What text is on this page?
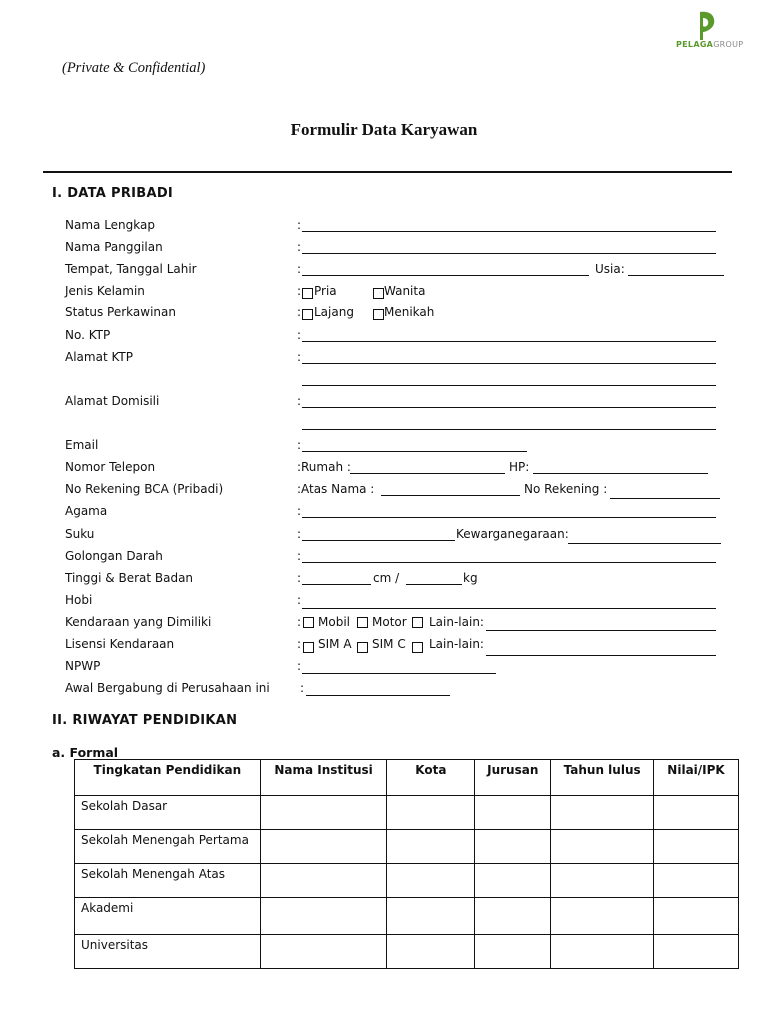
PELAGAGROUP
(Private & Confidential)
Formulir Data Karyawan
I. DATA PRIBADI
Nama Lengkap	:
Nama Panggilan	:
Tempat, Tanggal Lahir	:	Usia:
Jenis Kelamin	: Pria	Wanita
Status Perkawinan	: Lajang	Menikah
No. KTP	:
Alamat KTP	:
Alamat Domisili	:
Email	:
Nomor Telepon	: Rumah :	HP:
No Rekening BCA (Pribadi)	: Atas Nama :	No Rekening :
Agama	:
Suku	:	Kewarganegaraan:
Golongan Darah	:
Tinggi & Berat Badan	:	cm /	kg
Hobi	:
Kendaraan yang Dimiliki	: Mobil Motor Lain-lain:
Lisensi Kendaraan	: SIM A SIM C Lain-lain:
NPWP	:
Awal Bergabung di Perusahaan ini	:
II. RIWAYAT PENDIDIKAN
a. Formal
Tingkatan Pendidikan	Nama Institusi	Kota	Jurusan	Tahun lulus	Nilai/IPK
Sekolah Dasar					
Sekolah Menengah Pertama					
Sekolah Menengah Atas					
Akademi					
Universitas					
